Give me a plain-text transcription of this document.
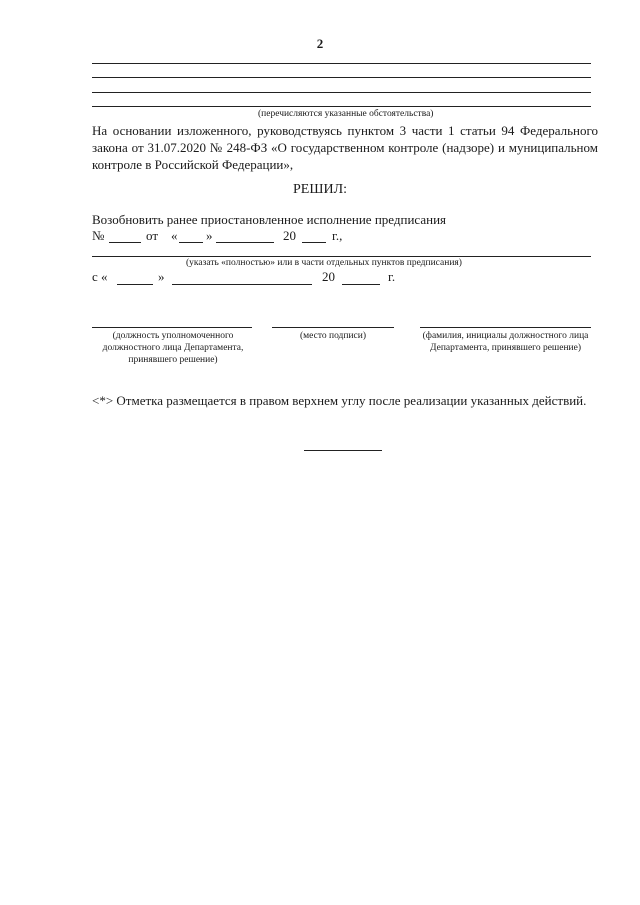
2
(перечисляются указанные обстоятельства)
На основании изложенного, руководствуясь пунктом 3 части 1 статьи 94 Федерального закона от 31.07.2020 № 248-ФЗ «О государственном контроле (надзоре) и муниципальном контроле в Российской Федерации»,
РЕШИЛ:
Возобновить ранее приостановленное исполнение предписания
№	от « »	20	г.,
(указать «полностью» или в части отдельных пунктов предписания)
с «	»	20	г.
(должность уполномоченного должностного лица Департамента, принявшего решение)
(место подписи)	(фамилия, инициалы должностного лица Департамента, принявшего решение)
<*> Отметка размещается в правом верхнем углу после реализации указанных действий.
